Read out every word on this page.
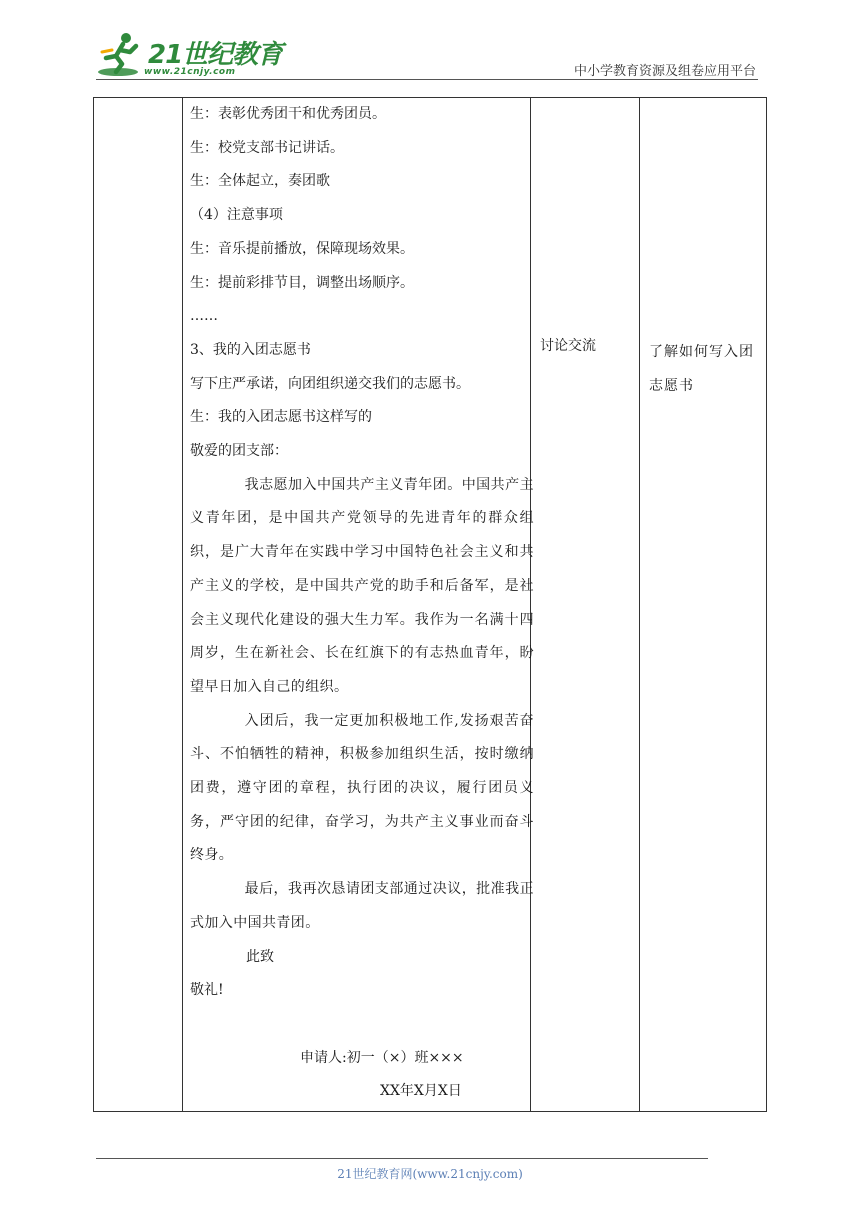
21世纪教育
www.21cnjy.com	中小学教育资源及组卷应用平台

生：表彰优秀团干和优秀团员。

生：校党支部书记讲话。

生：全体起立，奏团歌

（4）注意事项

生：音乐提前播放，保障现场效果。

生：提前彩排节目，调整出场顺序。

……

3、我的入团志愿书

写下庄严承诺，向团组织递交我们的志愿书。

生：我的入团志愿书这样写的

敬爱的团支部：

我志愿加入中国共产主义青年团。中国共产主义青年团，是中国共产党领导的先进青年的群众组织，是广大青年在实践中学习中国特色社会主义和共产主义的学校，是中国共产党的助手和后备军，是社会主义现代化建设的强大生力军。我作为一名满十四周岁，生在新社会、长在红旗下的有志热血青年，盼望早日加入自己的组织。

入团后，我一定更加积极地工作,发扬艰苦奋斗、不怕牺牲的精神，积极参加组织生活，按时缴纳团费，遵守团的章程，执行团的决议，履行团员义务，严守团的纪律，奋学习，为共产主义事业而奋斗终身。

最后，我再次恳请团支部通过决议，批准我正式加入中国共青团。

此致

敬礼!

申请人:初一（×）班×××

XX年X月X日

讨论交流	了解如何写入团志愿书
21世纪教育网(www.21cnjy.com)
